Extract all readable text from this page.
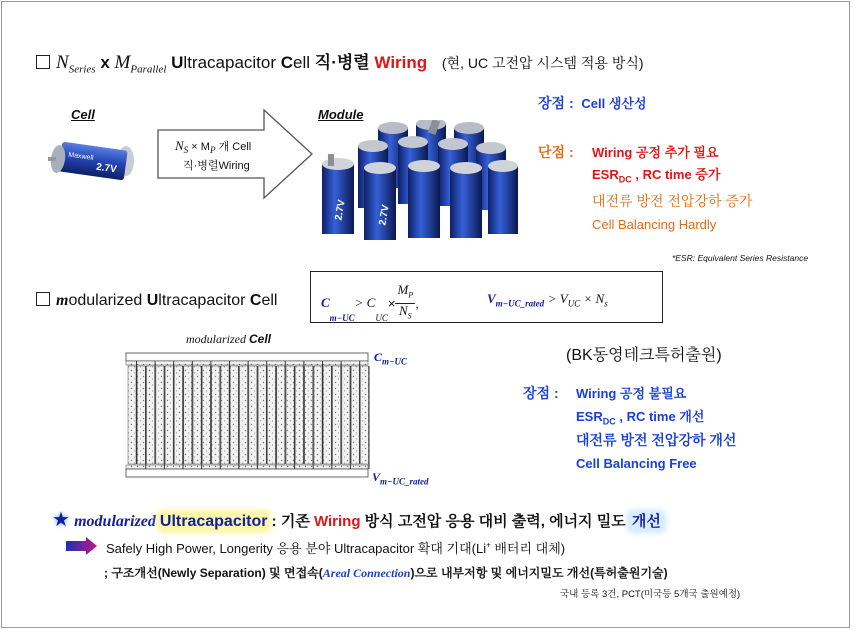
$N_{Series}$ x $M_{Parallel}$ Ultracapacitor Cell 직·병렬 Wiring (현, UC 고전압 시스템 적용 방식)
Cell	Module
Maxwell
2.7V
$N_S \times M_P$ 개 Cell
직·병렬Wiring
2.7V	2.7V
장점 : Cell 생산성
단점 : Wiring 공정 추가 필요
$ESR_{DC}$ , RC time 증가
대전류 방전 전압강하 증가
Cell Balancing Hardly
*ESR: Equivalent Series Resistance
modularized Ultracapacitor Cell	C
m−UC
> C
UC
× $\frac{M_P}{N_S}$ ,	$V_{m-UC\_rated} > V_{UC} \times N_s$
modularized Cell
$C_{m-UC}$
$V_{m-UC\_rated}$
(BK동영테크특허출원)
장점 : Wiring 공정 불필요
$ESR_{DC}$ , RC time 개선
대전류 방전 전압강하 개선
Cell Balancing Free
★ modularized Ultracapacitor : 기존 Wiring 방식 고전압 응용 대비 출력, 에너지 밀도 개선
Safely High Power, Longerity 응용 분야 Ultracapacitor 확대 기대(Li+ 배터리 대체)
; 구조개선(Newly Separation) 및 면접속(Areal Connection)으로 내부저항 및 에너지밀도 개선(특허출원기술)
국내 등록 3건, PCT(미국등 5개국 출원예정)
